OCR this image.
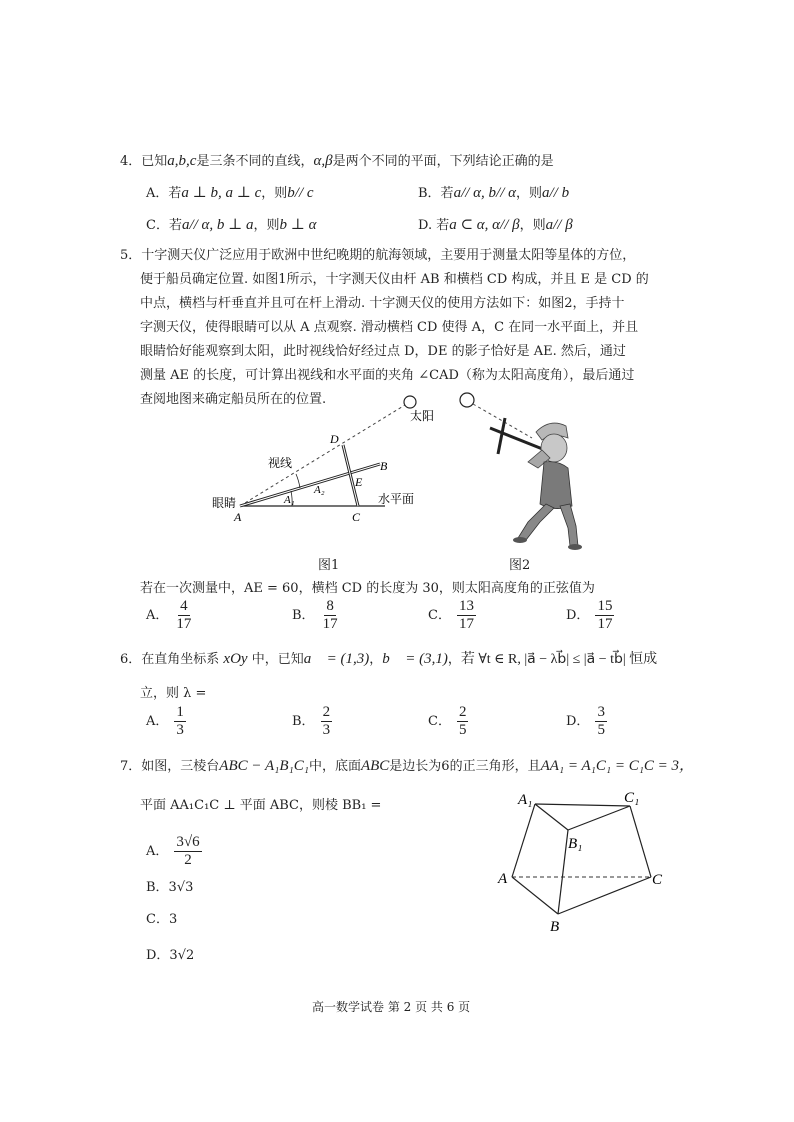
4．已知a,b,c是三条不同的直线，α,β是两个不同的平面，下列结论正确的是
A．若a ⊥ b, a ⊥ c，则b// c	B．若a// α, b// α，则a// b
C．若a// α, b ⊥ a，则b ⊥ α	D. 若a ⊂ α, α// β，则a// β
5．十字测天仪广泛应用于欧洲中世纪晚期的航海领域，主要用于测量太阳等星体的方位，
便于船员确定位置. 如图1所示，十字测天仪由杆 AB 和横档 CD 构成，并且 E 是 CD 的
中点，横档与杆垂直并且可在杆上滑动. 十字测天仪的使用方法如下：如图2，手持十
字测天仪，使得眼睛可以从 A 点观察. 滑动横档 CD 使得 A，C 在同一水平面上，并且
眼睛恰好能观察到太阳，此时视线恰好经过点 D，DE 的影子恰好是 AE. 然后，通过
测量 AE 的长度，可计算出视线和水平面的夹角 ∠CAD（称为太阳高度角），最后通过
查阅地图来确定船员所在的位置.
太阳
视线
眼睛	水平面
A
B
C
D
E
A₁
A₂
图1	图2
若在一次测量中，AE = 60，横档 CD 的长度为 30，则太阳高度角的正弦值为
A． $\frac{4}{17}$	B． $\frac{8}{17}$	C． $\frac{13}{17}$	D． $\frac{15}{17}$
6．在直角坐标系 xOy 中，已知a⃗ = (1,3)，b⃗ = (3,1)，若 ∀t ∈ R, |a⃗ − λb⃗| ≤ |a⃗ − tb⃗| 恒成
立，则 λ =
A． $\frac{1}{3}$	B． $\frac{2}{3}$	C． $\frac{2}{5}$	D． $\frac{3}{5}$
7．如图，三棱台ABC − A₁B₁C₁中，底面ABC是边长为6的正三角形，且AA₁ = A₁C₁ = C₁C = 3，
平面 AA₁C₁C ⊥ 平面 ABC，则棱 BB₁ =
A． $\frac{3√6}{2}$
B．3√3
C．3
D．3√2
A₁	C₁
B₁
A	C
B
高一数学试卷 第 2 页 共 6 页
